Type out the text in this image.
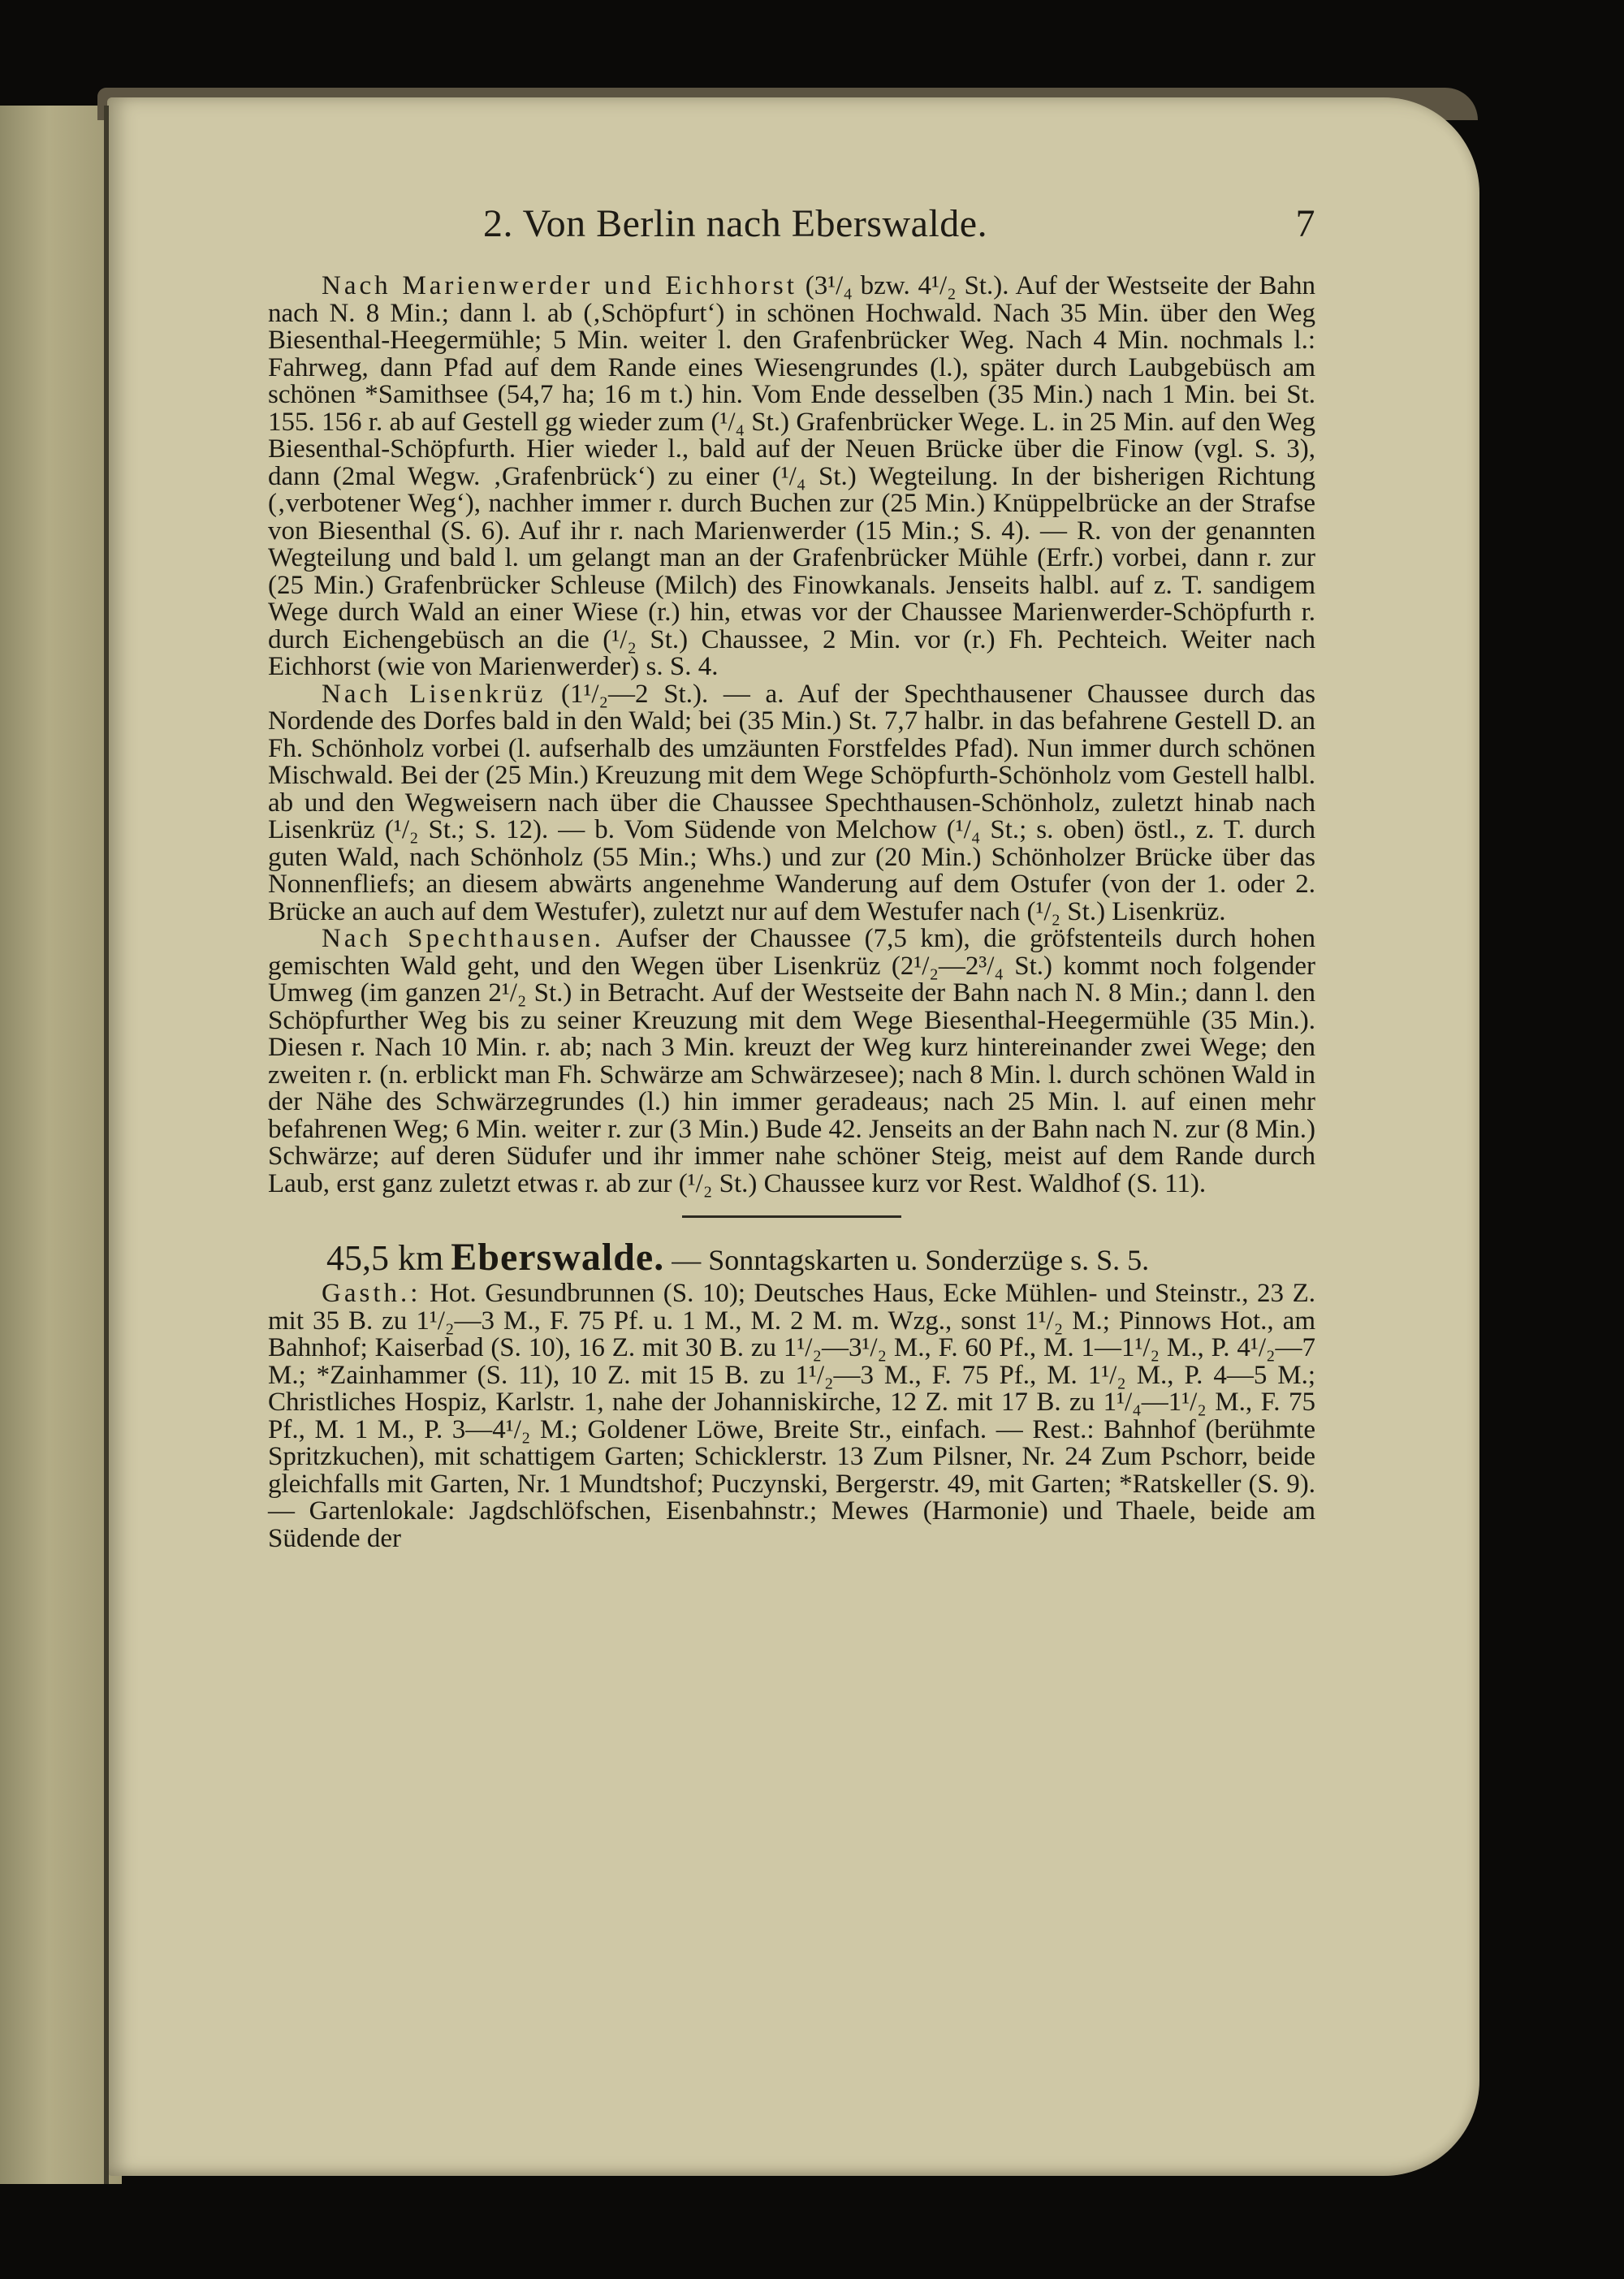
2. Von Berlin nach Eberswalde.	7

Nach Marienwerder und Eichhorst (3¹/₄ bzw. 4¹/₂ St.). Auf der Westseite der Bahn nach N. 8 Min.; dann l. ab (‚Schöpfurt‘) in schönen Hochwald. Nach 35 Min. über den Weg Biesenthal-Heegermühle; 5 Min. weiter l. den Grafenbrücker Weg. Nach 4 Min. nochmals l.: Fahrweg, dann Pfad auf dem Rande eines Wiesengrundes (l.), später durch Laubgebüsch am schönen *Samithsee (54,7 ha; 16 m t.) hin. Vom Ende desselben (35 Min.) nach 1 Min. bei St. 155. 156 r. ab auf Gestell gg wieder zum (¹/₄ St.) Grafenbrücker Wege. L. in 25 Min. auf den Weg Biesenthal-Schöpfurth. Hier wieder l., bald auf der Neuen Brücke über die Finow (vgl. S. 3), dann (2mal Wegw. ‚Grafenbrück‘) zu einer (¹/₄ St.) Wegteilung. In der bisherigen Richtung (‚verbotener Weg‘), nachher immer r. durch Buchen zur (25 Min.) Knüppelbrücke an der Strafse von Biesenthal (S. 6). Auf ihr r. nach Marienwerder (15 Min.; S. 4). — R. von der genannten Wegteilung und bald l. um gelangt man an der Grafenbrücker Mühle (Erfr.) vorbei, dann r. zur (25 Min.) Grafenbrücker Schleuse (Milch) des Finowkanals. Jenseits halbl. auf z. T. sandigem Wege durch Wald an einer Wiese (r.) hin, etwas vor der Chaussee Marienwerder-Schöpfurth r. durch Eichengebüsch an die (¹/₂ St.) Chaussee, 2 Min. vor (r.) Fh. Pechteich. Weiter nach Eichhorst (wie von Marienwerder) s. S. 4.

Nach Lisenkrüz (1¹/₂—2 St.). — a. Auf der Spechthausener Chaussee durch das Nordende des Dorfes bald in den Wald; bei (35 Min.) St. 7,7 halbr. in das befahrene Gestell D. an Fh. Schönholz vorbei (l. aufserhalb des umzäunten Forstfeldes Pfad). Nun immer durch schönen Mischwald. Bei der (25 Min.) Kreuzung mit dem Wege Schöpfurth-Schönholz vom Gestell halbl. ab und den Wegweisern nach über die Chaussee Spechthausen-Schönholz, zuletzt hinab nach Lisenkrüz (¹/₂ St.; S. 12). — b. Vom Südende von Melchow (¹/₄ St.; s. oben) östl., z. T. durch guten Wald, nach Schönholz (55 Min.; Whs.) und zur (20 Min.) Schönholzer Brücke über das Nonnenfliefs; an diesem abwärts angenehme Wanderung auf dem Ostufer (von der 1. oder 2. Brücke an auch auf dem Westufer), zuletzt nur auf dem Westufer nach (¹/₂ St.) Lisenkrüz.

Nach Spechthausen. Aufser der Chaussee (7,5 km), die gröfstenteils durch hohen gemischten Wald geht, und den Wegen über Lisenkrüz (2¹/₂—2³/₄ St.) kommt noch folgender Umweg (im ganzen 2¹/₂ St.) in Betracht. Auf der Westseite der Bahn nach N. 8 Min.; dann l. den Schöpfurther Weg bis zu seiner Kreuzung mit dem Wege Biesenthal-Heegermühle (35 Min.). Diesen r. Nach 10 Min. r. ab; nach 3 Min. kreuzt der Weg kurz hintereinander zwei Wege; den zweiten r. (n. erblickt man Fh. Schwärze am Schwärzesee); nach 8 Min. l. durch schönen Wald in der Nähe des Schwärzegrundes (l.) hin immer geradeaus; nach 25 Min. l. auf einen mehr befahrenen Weg; 6 Min. weiter r. zur (3 Min.) Bude 42. Jenseits an der Bahn nach N. zur (8 Min.) Schwärze; auf deren Südufer und ihr immer nahe schöner Steig, meist auf dem Rande durch Laub, erst ganz zuletzt etwas r. ab zur (¹/₂ St.) Chaussee kurz vor Rest. Waldhof (S. 11).

45,5 km Eberswalde. — Sonntagskarten u. Sonderzüge s. S. 5.

Gasth.: Hot. Gesundbrunnen (S. 10); Deutsches Haus, Ecke Mühlen- und Steinstr., 23 Z. mit 35 B. zu 1¹/₂—3 M., F. 75 Pf. u. 1 M., M. 2 M. m. Wzg., sonst 1¹/₂ M.; Pinnows Hot., am Bahnhof; Kaiserbad (S. 10), 16 Z. mit 30 B. zu 1¹/₂—3¹/₂ M., F. 60 Pf., M. 1—1¹/₂ M., P. 4¹/₂—7 M.; *Zainhammer (S. 11), 10 Z. mit 15 B. zu 1¹/₂—3 M., F. 75 Pf., M. 1¹/₂ M., P. 4—5 M.; Christliches Hospiz, Karlstr. 1, nahe der Johanniskirche, 12 Z. mit 17 B. zu 1¹/₄—1¹/₂ M., F. 75 Pf., M. 1 M., P. 3—4¹/₂ M.; Goldener Löwe, Breite Str., einfach. — Rest.: Bahnhof (berühmte Spritzkuchen), mit schattigem Garten; Schicklerstr. 13 Zum Pilsner, Nr. 24 Zum Pschorr, beide gleichfalls mit Garten, Nr. 1 Mundtshof; Puczynski, Bergerstr. 49, mit Garten; *Ratskeller (S. 9). — Gartenlokale: Jagdschlöfschen, Eisenbahnstr.; Mewes (Harmonie) und Thaele, beide am Südende der
